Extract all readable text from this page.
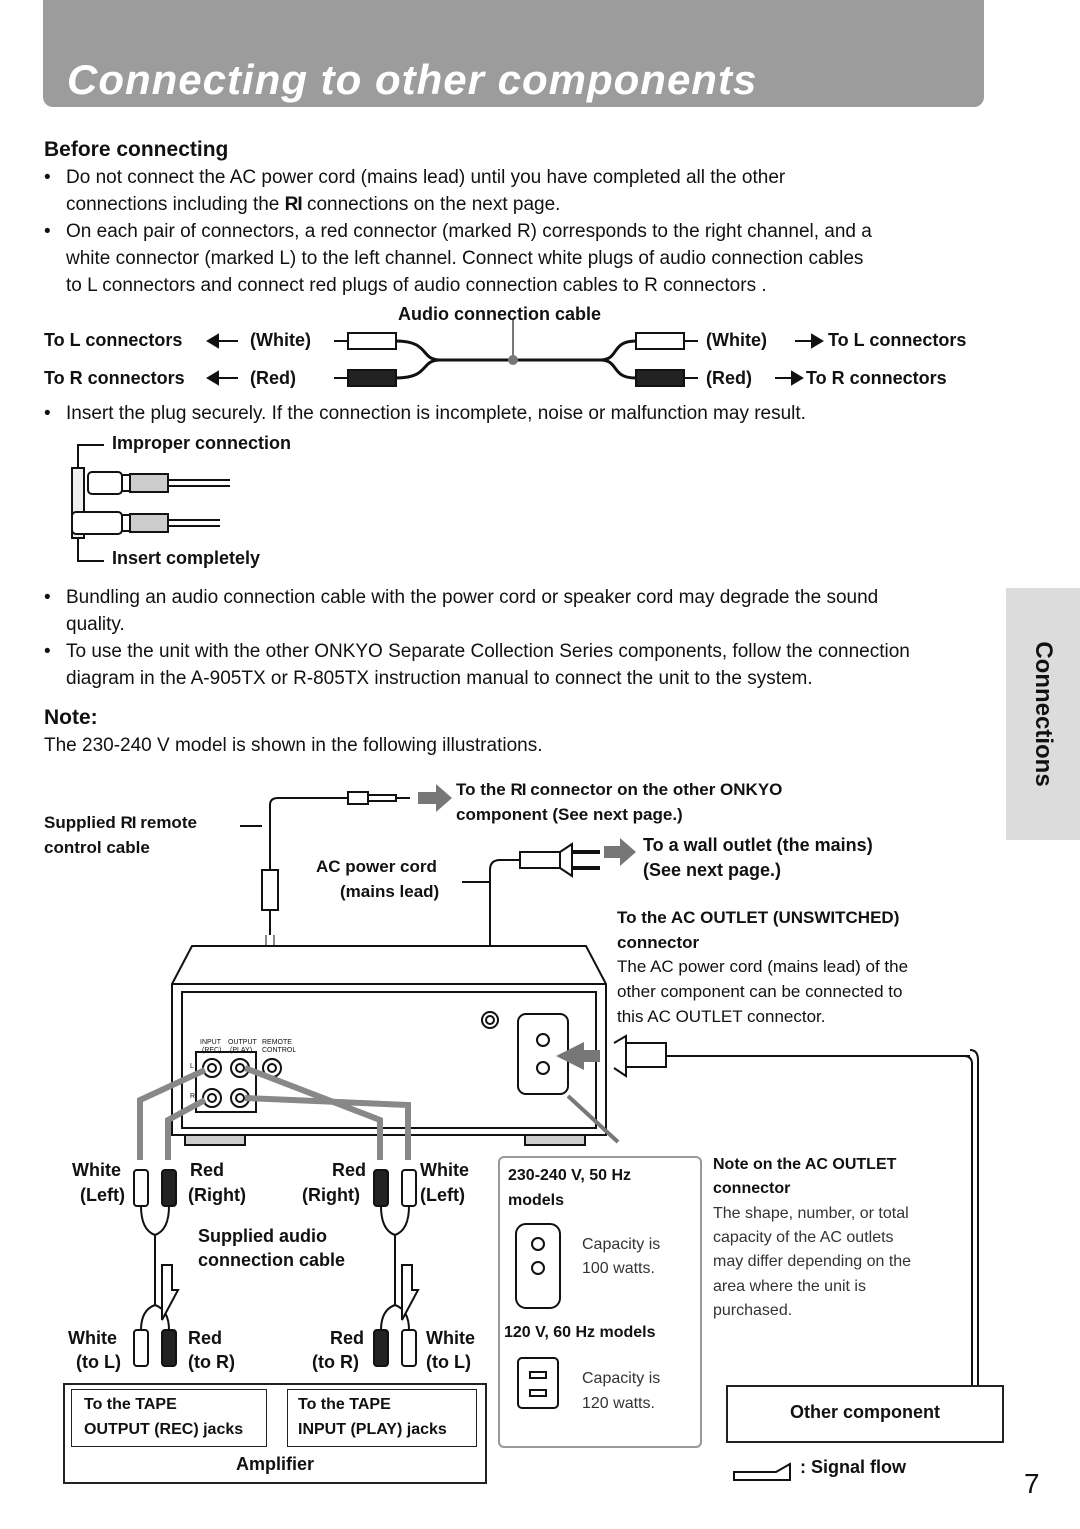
Connecting to other components
Connections
Before connecting
• Do not connect the AC power cord (mains lead) until you have completed all the other
connections including the RI connections on the next page.
• On each pair of connectors, a red connector (marked R) corresponds to the right channel, and a
white connector (marked L) to the left channel. Connect white plugs of audio connection cables
to L connectors and connect red plugs of audio connection cables to R connectors .
Audio connection cable
To L connectors	(White)
To R connectors	(Red)
(White)	To L connectors
(Red)	To R connectors
• Insert the plug securely. If the connection is incomplete, noise or malfunction may result.
Improper connection
Insert completely
• Bundling an audio connection cable with the power cord or speaker cord may degrade the sound
quality.
• To use the unit with the other ONKYO Separate Collection Series components, follow the connection
diagram in the A-905TX or R-805TX instruction manual to connect the unit to the system.
Note:
The 230-240 V model is shown in the following illustrations.
Supplied RI remote
control cable
To the RI connector on the other ONKYO
component (See next page.)
AC power cord
(mains lead)
To a wall outlet (the mains)
(See next page.)
To the AC OUTLET (UNSWITCHED)
connector
The AC power cord (mains lead) of the
other component can be connected to
this AC OUTLET connector.
INPUT
(REC)
OUTPUT
(PLAY)
REMOTE
CONTROL
L
R
White
(Left)
Red
(Right)
Red
(Right)
White
(Left)
Supplied audio
connection cable
White
(to L)
Red
(to R)
Red
(to R)
White
(to L)
To the TAPE
OUTPUT (REC) jacks
To the TAPE
INPUT (PLAY) jacks
Amplifier
230-240 V, 50 Hz
models
Capacity is
100 watts.
120 V, 60 Hz models
Capacity is
120 watts.
Note on the AC OUTLET
connector
The shape, number, or total
capacity of the AC outlets
may differ depending on the
area where the unit is
purchased.
Other component
: Signal flow
7
